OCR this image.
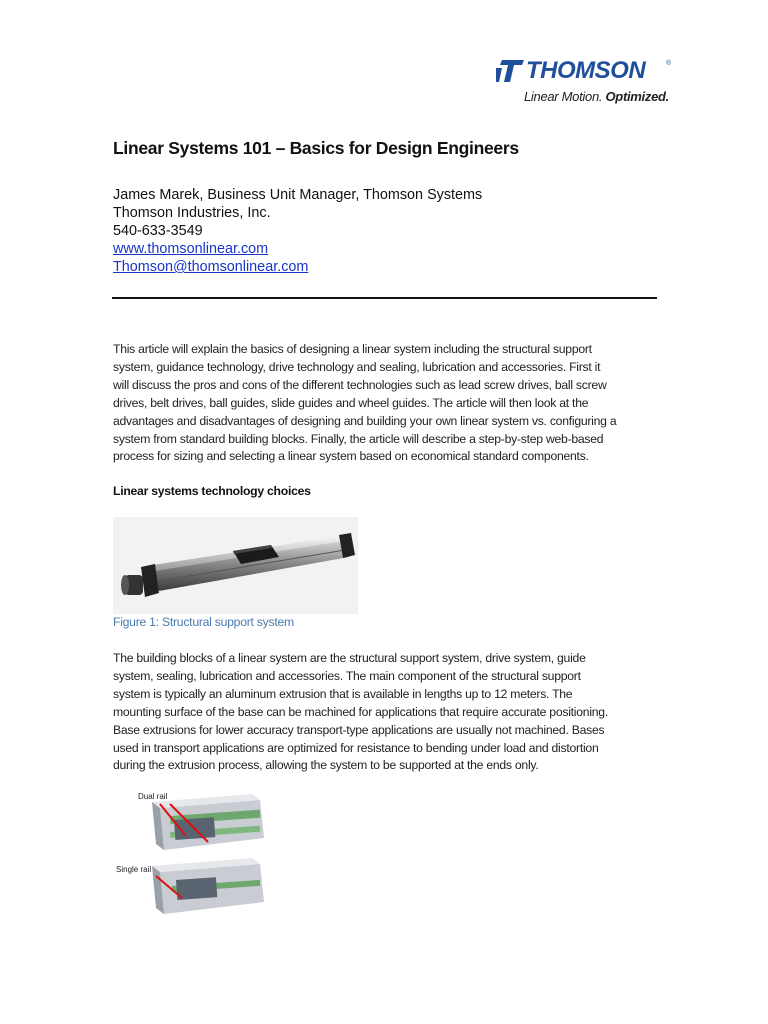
THOMSON	®
Linear Motion. Optimized.
Linear Systems 101 – Basics for Design Engineers
James Marek, Business Unit Manager, Thomson Systems
Thomson Industries, Inc.
540-633-3549
www.thomsonlinear.com
Thomson@thomsonlinear.com
This article will explain the basics of designing a linear system including the structural support
system, guidance technology, drive technology and sealing, lubrication and accessories. First it
will discuss the pros and cons of the different technologies such as lead screw drives, ball screw
drives, belt drives, ball guides, slide guides and wheel guides. The article will then look at the
advantages and disadvantages of designing and building your own linear system vs. configuring a
system from standard building blocks. Finally, the article will describe a step-by-step web-based
process for sizing and selecting a linear system based on economical standard components.
Linear systems technology choices
Figure 1: Structural support system
The building blocks of a linear system are the structural support system, drive system, guide
system, sealing, lubrication and accessories. The main component of the structural support
system is typically an aluminum extrusion that is available in lengths up to 12 meters. The
mounting surface of the base can be machined for applications that require accurate positioning.
Base extrusions for lower accuracy transport-type applications are usually not machined. Bases
used in transport applications are optimized for resistance to bending under load and distortion
during the extrusion process, allowing the system to be supported at the ends only.
Dual rail
Single rail
